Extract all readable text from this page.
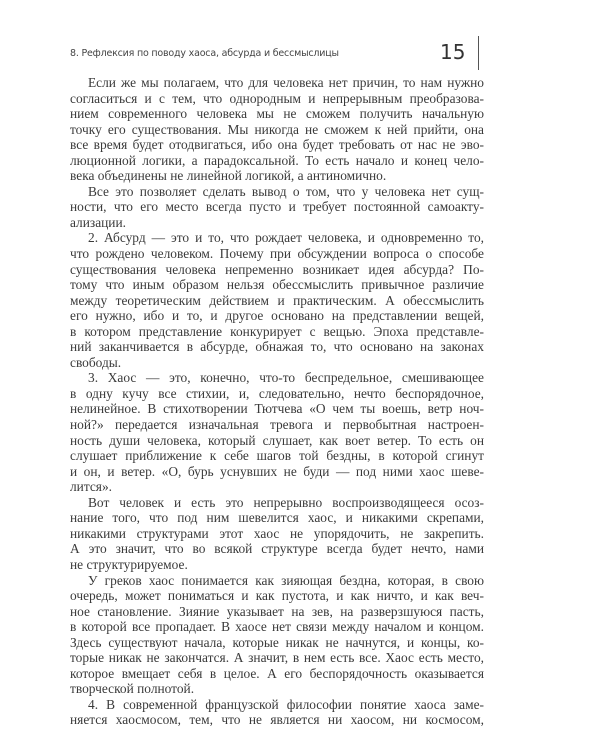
8. Рефлексия по поводу хаоса, абсурда и бессмыслицы	15
Если же мы полагаем, что для человека нет причин, то нам нужно
согласиться и с тем, что однородным и непрерывным преобразова-
нием современного человека мы не сможем получить начальную
точку его существования. Мы никогда не сможем к ней прийти, она
все время будет отодвигаться, ибо она будет требовать от нас не эво-
люционной логики, а парадоксальной. То есть начало и конец чело-
века объединены не линейной логикой, а антиномично.
Все это позволяет сделать вывод о том, что у человека нет сущ-
ности, что его место всегда пусто и требует постоянной самоакту-
ализации.
2. Абсурд — это и то, что рождает человека, и одновременно то,
что рождено человеком. Почему при обсуждении вопроса о способе
существования человека непременно возникает идея абсурда? По-
тому что иным образом нельзя обессмыслить привычное различие
между теоретическим действием и практическим. А обессмыслить
его нужно, ибо и то, и другое основано на представлении вещей,
в котором представление конкурирует с вещью. Эпоха представле-
ний заканчивается в абсурде, обнажая то, что основано на законах
свободы.
3. Хаос — это, конечно, что-то беспредельное, смешивающее
в одну кучу все стихии, и, следовательно, нечто беспорядочное,
нелинейное. В стихотворении Тютчева «О чем ты воешь, ветр ноч-
ной?» передается изначальная тревога и первобытная настроен-
ность души человека, который слушает, как воет ветер. То есть он
слушает приближение к себе шагов той бездны, в которой сгинут
и он, и ветер. «О, бурь уснувших не буди — под ними хаос шеве-
лится».
Вот человек и есть это непрерывно воспроизводящееся осоз-
нание того, что под ним шевелится хаос, и никакими скрепами,
никакими структурами этот хаос не упорядочить, не закрепить.
А это значит, что во всякой структуре всегда будет нечто, нами
не структурируемое.
У греков хаос понимается как зияющая бездна, которая, в свою
очередь, может пониматься и как пустота, и как ничто, и как веч-
ное становление. Зияние указывает на зев, на разверзшуюся пасть,
в которой все пропадает. В хаосе нет связи между началом и концом.
Здесь существуют начала, которые никак не начнутся, и концы, ко-
торые никак не закончатся. А значит, в нем есть все. Хаос есть место,
которое вмещает себя в целое. А его беспорядочность оказывается
творческой полнотой.
4. В современной французской философии понятие хаоса заме-
няется хаосмосом, тем, что не является ни хаосом, ни космосом,
